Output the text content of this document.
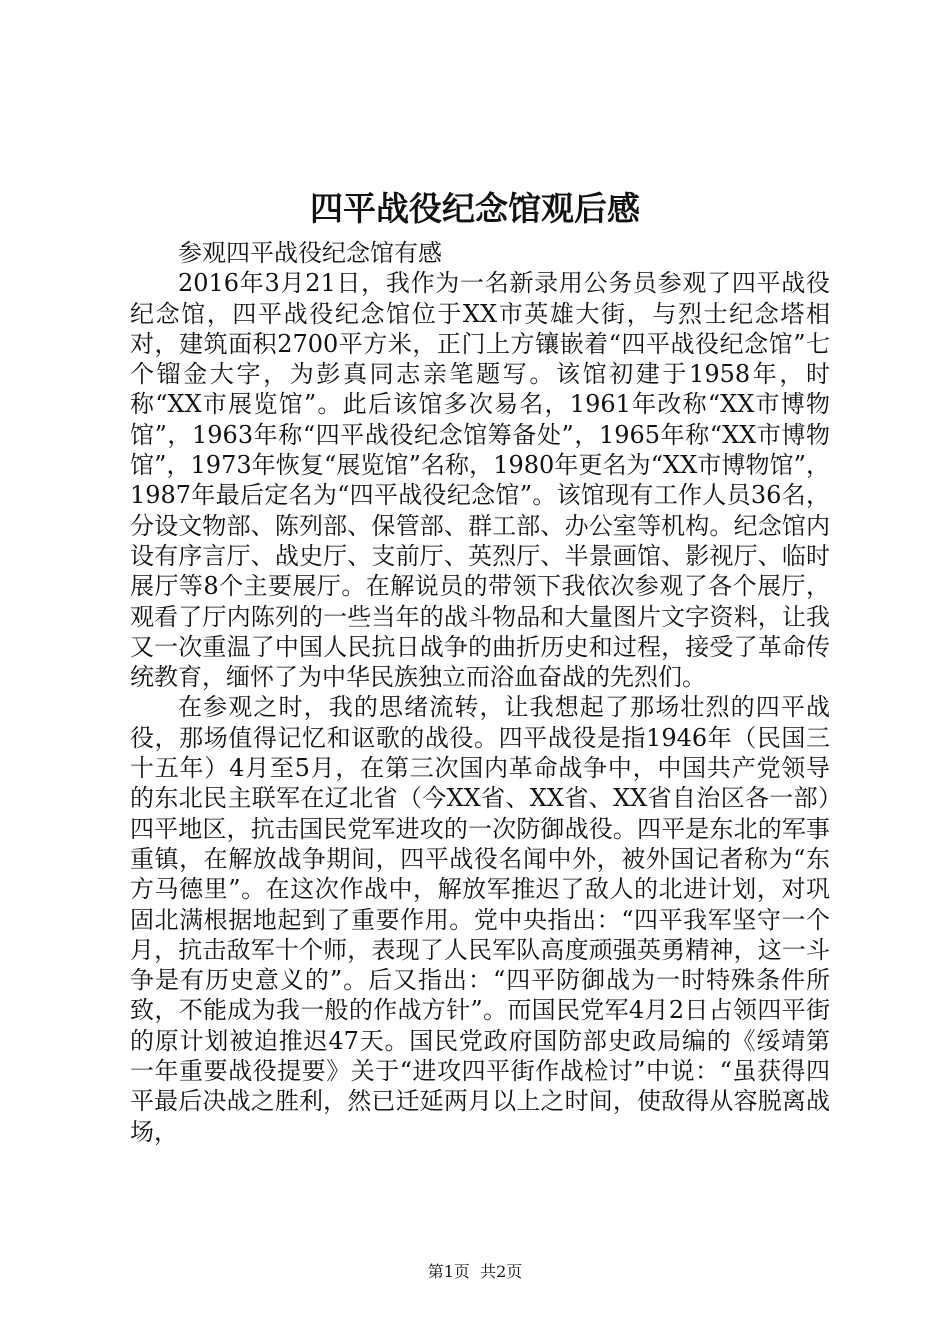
四平战役纪念馆观后感
参观四平战役纪念馆有感

2016年3月21日，我作为一名新录用公务员参观了四平战役纪念馆，四平战役纪念馆位于XX市英雄大街，与烈士纪念塔相对，建筑面积2700平方米，正门上方镶嵌着“四平战役纪念馆”七个镏金大字，为彭真同志亲笔题写。该馆初建于1958年，时称“XX市展览馆”。此后该馆多次易名，1961年改称“XX市博物馆”，1963年称“四平战役纪念馆筹备处”，1965年称“XX市博物馆”，1973年恢复“展览馆”名称，1980年更名为“XX市博物馆”，1987年最后定名为“四平战役纪念馆”。该馆现有工作人员36名，分设文物部、陈列部、保管部、群工部、办公室等机构。纪念馆内设有序言厅、战史厅、支前厅、英烈厅、半景画馆、影视厅、临时展厅等8个主要展厅。在解说员的带领下我依次参观了各个展厅，观看了厅内陈列的一些当年的战斗物品和大量图片文字资料，让我又一次重温了中国人民抗日战争的曲折历史和过程，接受了革命传统教育，缅怀了为中华民族独立而浴血奋战的先烈们。

在参观之时，我的思绪流转，让我想起了那场壮烈的四平战役，那场值得记忆和讴歌的战役。四平战役是指1946年（民国三十五年）4月至5月，在第三次国内革命战争中，中国共产党领导的东北民主联军在辽北省（今XX省、XX省、XX省自治区各一部）四平地区，抗击国民党军进攻的一次防御战役。四平是东北的军事重镇，在解放战争期间，四平战役名闻中外，被外国记者称为“东方马德里”。在这次作战中，解放军推迟了敌人的北进计划，对巩固北满根据地起到了重要作用。党中央指出：“四平我军坚守一个月，抗击敌军十个师，表现了人民军队高度顽强英勇精神，这一斗争是有历史意义的”。后又指出：“四平防御战为一时特殊条件所致，不能成为我一般的作战方针”。而国民党军4月2日占领四平街的原计划被迫推迟47天。国民党政府国防部史政局编的《绥靖第一年重要战役提要》关于“进攻四平街作战检讨”中说：“虽获得四平最后决战之胜利，然已迁延两月以上之时间，使敌得从容脱离战场，

第1页  共2页
